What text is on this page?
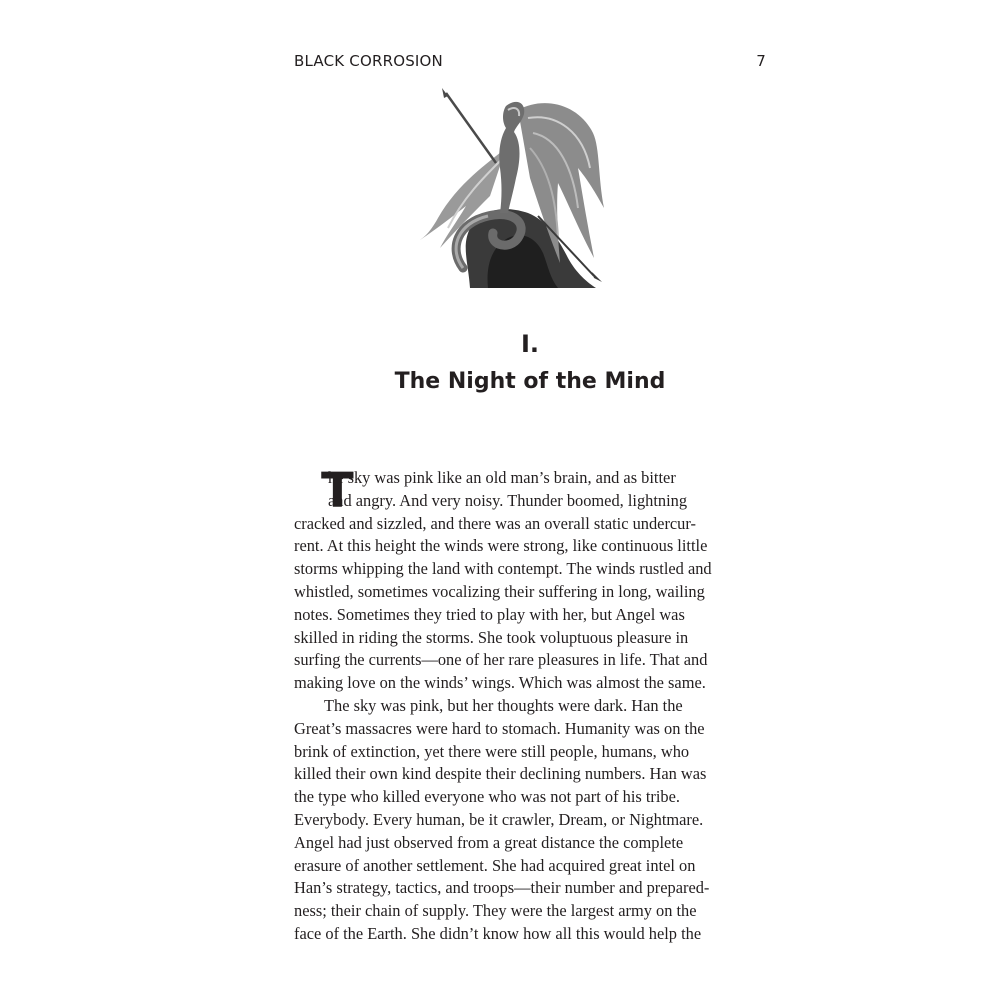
BLACK CORROSION	7
I.
The Night of the Mind
T
he sky was pink like an old man’s brain, and as bitter
and angry. And very noisy. Thunder boomed, lightning
cracked and sizzled, and there was an overall static undercur-
rent. At this height the winds were strong, like continuous little
storms whipping the land with contempt. The winds rustled and
whistled, sometimes vocalizing their suffering in long, wailing
notes. Sometimes they tried to play with her, but Angel was
skilled in riding the storms. She took voluptuous pleasure in
surfing the currents—one of her rare pleasures in life. That and
making love on the winds’ wings. Which was almost the same.
The sky was pink, but her thoughts were dark. Han the
Great’s massacres were hard to stomach. Humanity was on the
brink of extinction, yet there were still people, humans, who
killed their own kind despite their declining numbers. Han was
the type who killed everyone who was not part of his tribe.
Everybody. Every human, be it crawler, Dream, or Nightmare.
Angel had just observed from a great distance the complete
erasure of another settlement. She had acquired great intel on
Han’s strategy, tactics, and troops—their number and prepared-
ness; their chain of supply. They were the largest army on the
face of the Earth. She didn’t know how all this would help the
